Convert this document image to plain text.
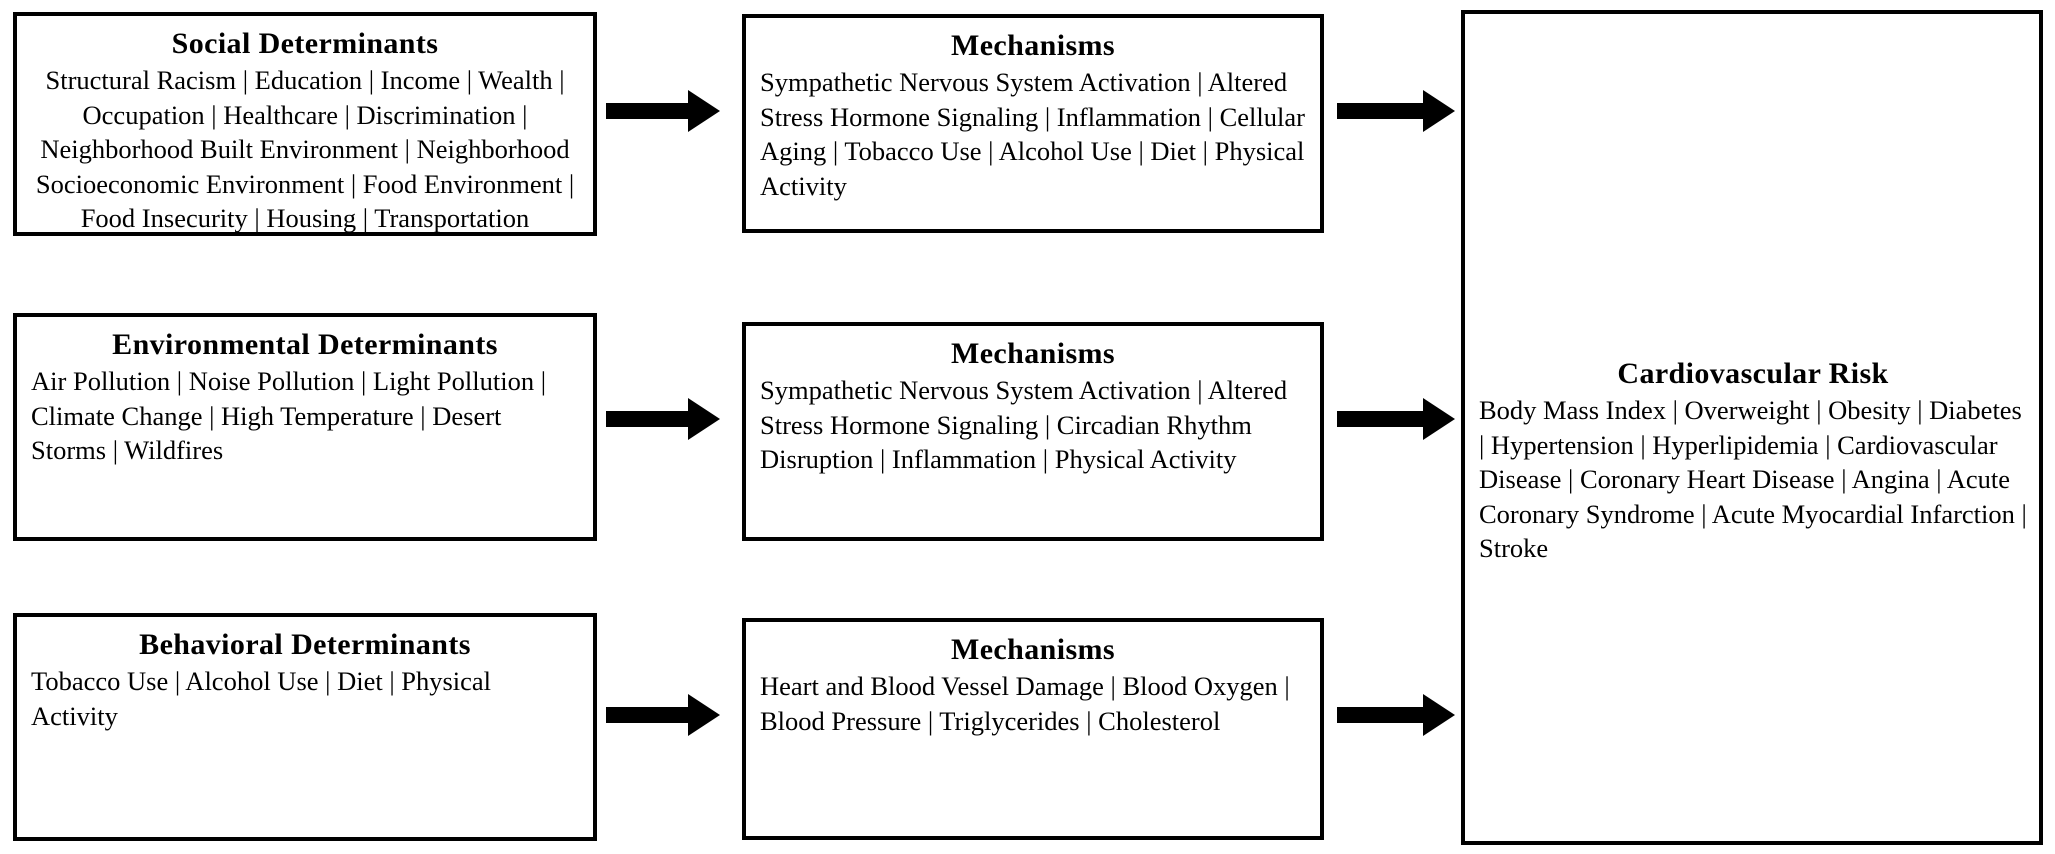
Social Determinants
Structural Racism | Education | Income | Wealth | Occupation | Healthcare | Discrimination | Neighborhood Built Environment | Neighborhood Socioeconomic Environment | Food Environment | Food Insecurity | Housing | Transportation
Mechanisms
Sympathetic Nervous System Activation | Altered Stress Hormone Signaling | Inflammation | Cellular Aging | Tobacco Use | Alcohol Use | Diet | Physical Activity
Environmental Determinants
Air Pollution | Noise Pollution | Light Pollution | Climate Change | High Temperature | Desert Storms | Wildfires
Mechanisms
Sympathetic Nervous System Activation | Altered Stress Hormone Signaling | Circadian Rhythm Disruption | Inflammation | Physical Activity
Behavioral Determinants
Tobacco Use | Alcohol Use | Diet | Physical Activity
Mechanisms
Heart and Blood Vessel Damage | Blood Oxygen | Blood Pressure | Triglycerides | Cholesterol
Cardiovascular Risk
Body Mass Index | Overweight | Obesity | Diabetes | Hypertension | Hyperlipidemia | Cardiovascular Disease | Coronary Heart Disease | Angina | Acute Coronary Syndrome | Acute Myocardial Infarction | Stroke
